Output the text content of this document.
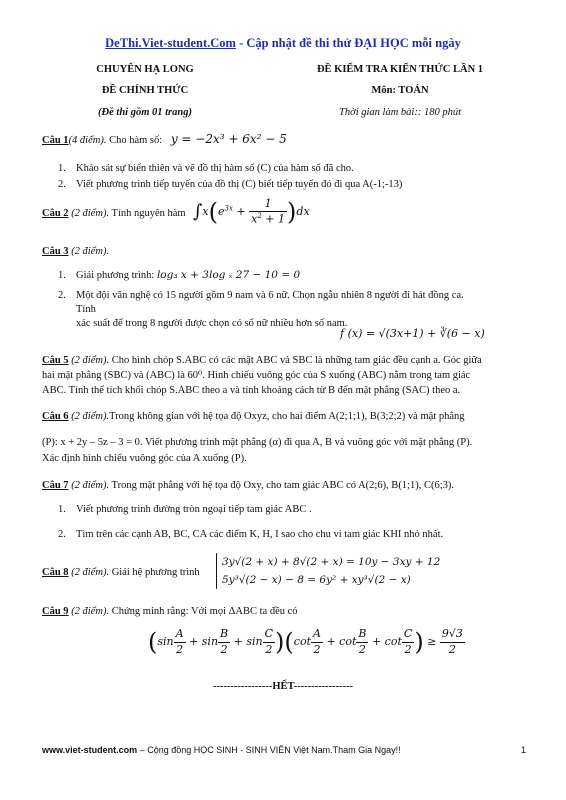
DeThi.Viet-student.Com - Cập nhật đề thi thử ĐẠI HỌC mỗi ngày
CHUYÊN HẠ LONG
ĐỀ CHÍNH THỨC
(Đề thi gồm 01 trang)
ĐỀ KIỂM TRA KIẾN THỨC LẦN 1
Môn: TOÁN
Thời gian làm bài:: 180 phút
Câu 1(4 điểm). Cho hàm số: y = −2x³ + 6x² − 5
1. Khảo sát sự biến thiên và vẽ đồ thị hàm số (C) của hàm số đã cho.
2. Viết phương trình tiếp tuyến của đồ thị (C) biết tiếp tuyến đó đi qua A(-1;-13)
Câu 2 (2 điểm). Tính nguyên hàm $\int x(e^{3x} + \frac{1}{x^2 + 1} )dx$
Câu 3 (2 điểm).
1. Giải phương trình: log₃ x + 3log ₓ 27 − 10 = 0
2. Một đội văn nghệ có 15 người gồm 9 nam và 6 nữ. Chọn ngẫu nhiên 8 người đi hát đồng ca.
Tính
xác suất để trong 8 người được chọn có số nữ nhiều hơn số nam.
f (x) = √(3x+1) + ∛(6 − x)
Câu 5 (2 điểm). Cho hình chóp S.ABC có các mặt ABC và SBC là những tam giác đều cạnh a. Góc giữa
hai mặt phẳng (SBC) và (ABC) là 60⁰. Hình chiếu vuông góc của S xuống (ABC) nằm trong tam giác
ABC. Tính thể tích khối chóp S.ABC theo a và tính khoảng cách từ B đến mặt phẳng (SAC) theo a.
Câu 6 (2 điểm).Trong không gian với hệ tọa độ Oxyz, cho hai điểm A(2;1;1), B(3;2;2) và mặt phẳng
(P): x + 2y – 5z – 3 = 0. Viết phương trình mặt phẳng (α) đi qua A, B và vuông góc với mặt phẳng (P).
Xác định hình chiếu vuông góc của A xuống (P).
Câu 7 (2 điểm). Trong mặt phẳng với hệ tọa độ Oxy, cho tam giác ABC có A(2;6), B(1;1), C(6;3).
1. Viết phương trình đường tròn ngoại tiếp tam giác ABC .
2. Tìm trên các cạnh AB, BC, CA các điểm K, H, I sao cho chu vi tam giác KHI nhỏ nhất.
Câu 8 (2 điểm). Giải hệ phương trình
3y√(2 + x) + 8√(2 + x) = 10y − 3xy + 12
5y³√(2 − x) − 8 = 6y² + xy³√(2 − x)
Câu 9 (2 điểm). Chứng minh rằng: Với mọi ΔABC ta đều có
$(\sin \frac{A}{2} + \sin \frac{B}{2} + \sin \frac{C}{2} )(\cot \frac{A}{2} + \cot \frac{B}{2} + \cot \frac{C}{2}$ ) ≥ $\frac{9√3}{2}$
-----------------HẾT-----------------
www.viet-student.com – Cộng đồng HỌC SINH - SINH VIÊN Việt Nam.Tham Gia Ngay!!	1
